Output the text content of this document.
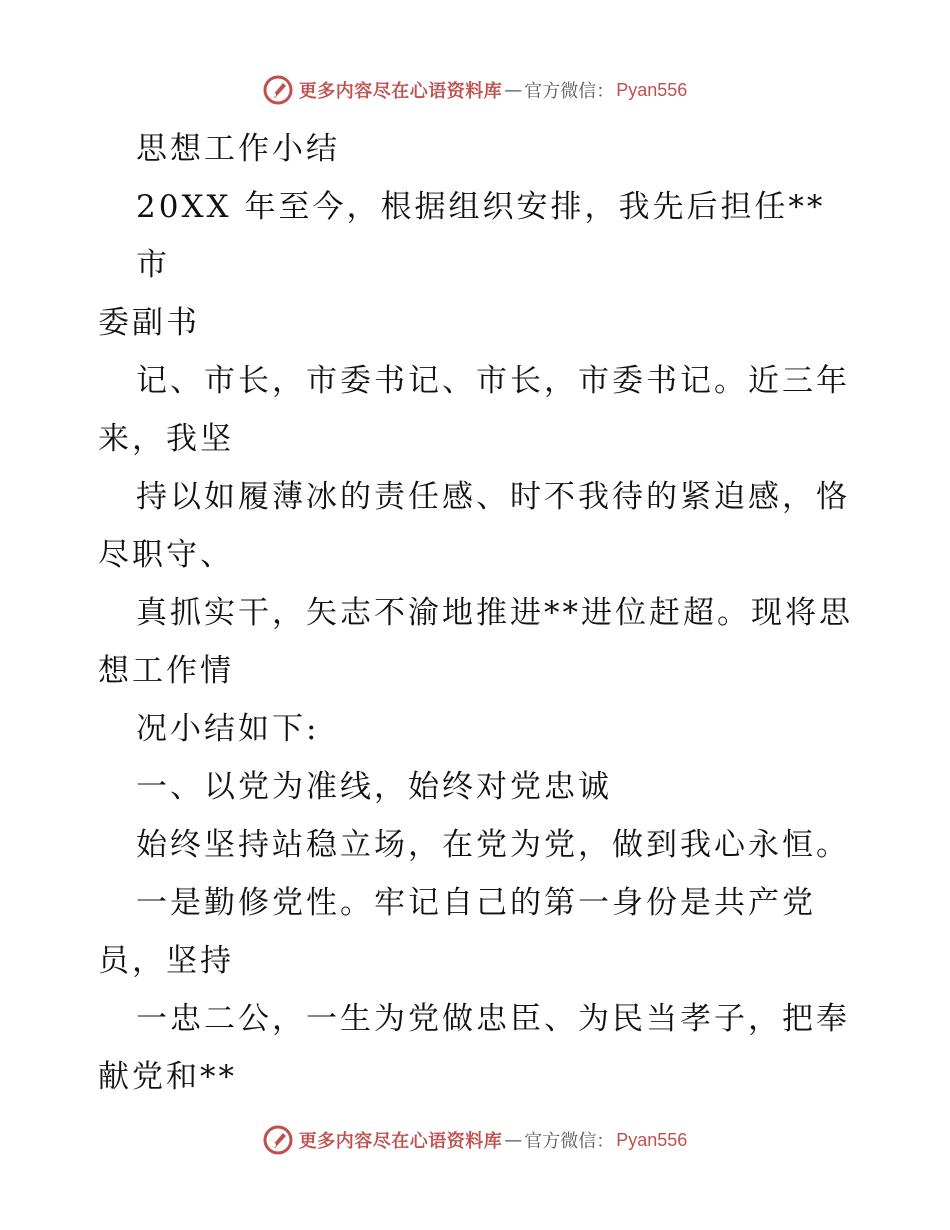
更多内容尽在心语资料库 — 官方微信： Pyan556

思想工作小结

20XX 年至今，根据组织安排，我先后担任**市

委副书

记、市长，市委书记、市长，市委书记。近三年

来，我坚

持以如履薄冰的责任感、时不我待的紧迫感，恪

尽职守、

真抓实干，矢志不渝地推进**进位赶超。现将思

想工作情

况小结如下:

一、以党为准线，始终对党忠诚

始终坚持站稳立场，在党为党，做到我心永恒。

一是勤修党性。牢记自己的第一身份是共产党

员，坚持

一忠二公，一生为党做忠臣、为民当孝子，把奉

献党和**

更多内容尽在心语资料库 — 官方微信： Pyan556
